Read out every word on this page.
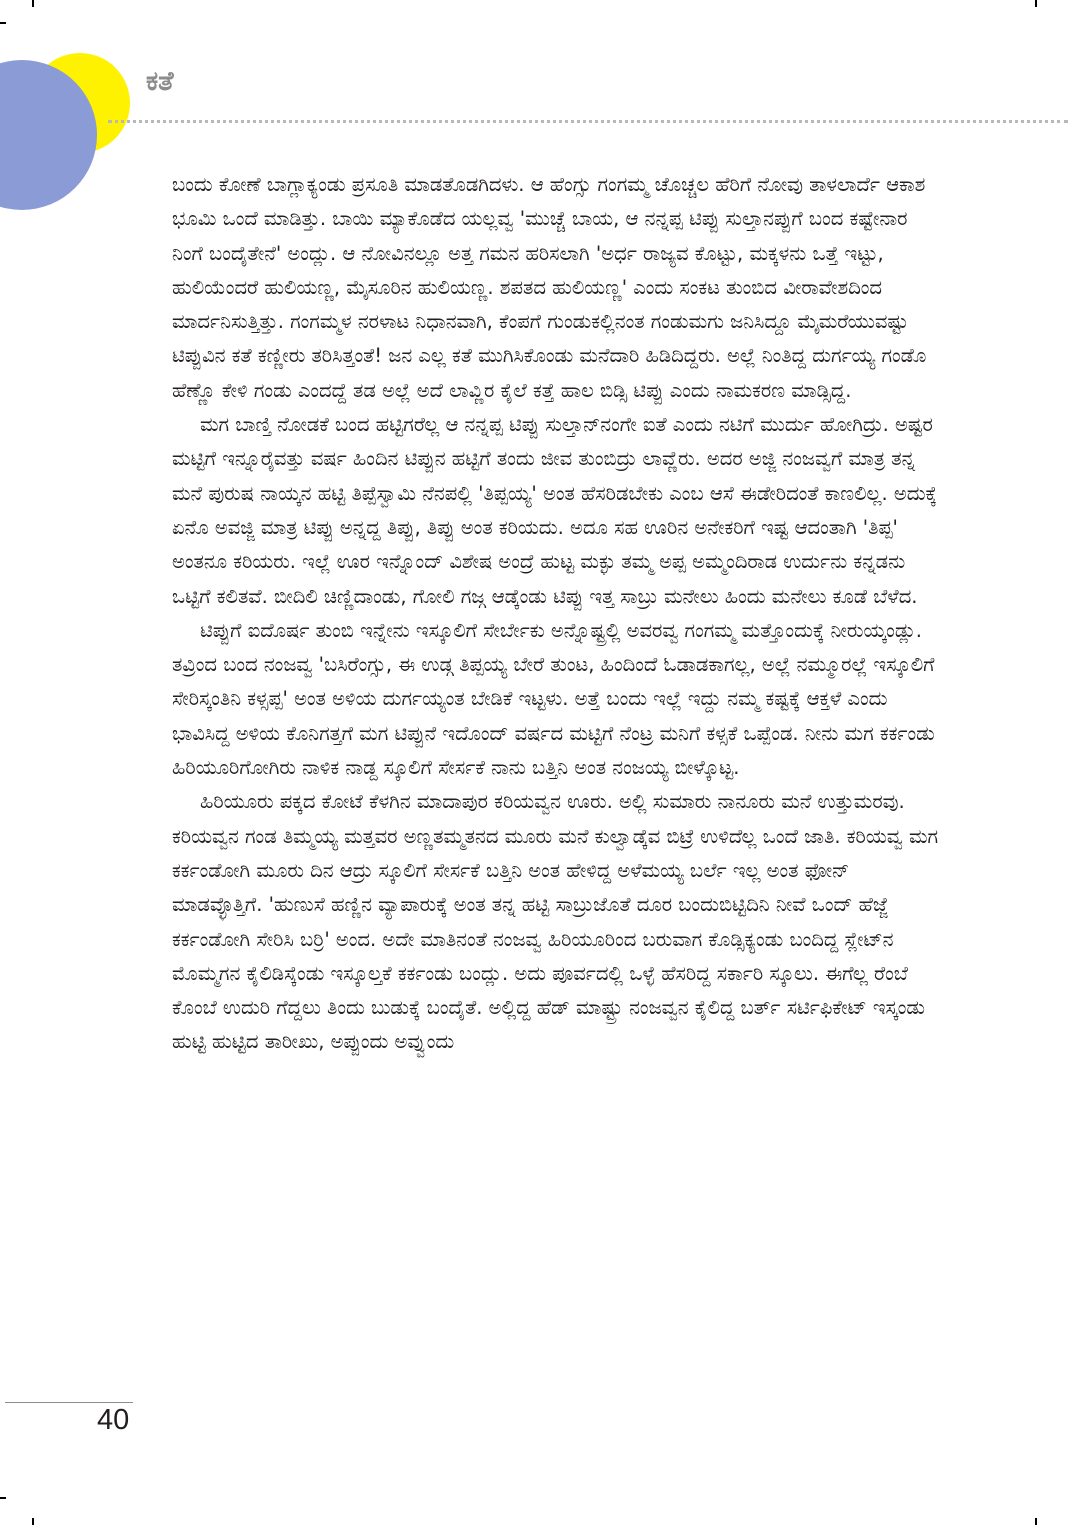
ಕತೆ

ಬಂದು ಕೋಣೆ ಬಾಗ್ಲಾಕ್ಯಂಡು ಪ್ರಸೂತಿ ಮಾಡತೊಡಗಿದಳು. ಆ ಹೆಂಗ್ಸು ಗಂಗಮ್ಮ ಚೊಚ್ಚಲ ಹೆರಿಗೆ ನೋವು ತಾಳಲಾರ್ದೆ ಆಕಾಶ ಭೂಮಿ ಒಂದೆ ಮಾಡಿತ್ತು. ಬಾಯಿ ಮ್ಯಾಕೊಡೆದ ಯಲ್ಲವ್ವ 'ಮುಚ್ಚೆ ಬಾಯ, ಆ ನನ್ನಪ್ಪ ಟಿಪ್ಪು ಸುಲ್ತಾನಪ್ಪುಗೆ ಬಂದ ಕಷ್ಟೇನಾರ ನಿಂಗೆ ಬಂದೈತೇನೆ' ಅಂದ್ಲು. ಆ ನೋವಿನಲ್ಲೂ ಅತ್ತ ಗಮನ ಹರಿಸಲಾಗಿ 'ಅರ್ಧ ರಾಜ್ಯವ ಕೊಟ್ಟು, ಮಕ್ಕಳನು ಒತ್ತೆ ಇಟ್ಟು, ಹುಲಿಯೆಂದರೆ ಹುಲಿಯಣ್ಣ, ಮೈಸೂರಿನ ಹುಲಿಯಣ್ಣ. ಶಪತದ ಹುಲಿಯಣ್ಣ' ಎಂದು ಸಂಕಟ ತುಂಬಿದ ವೀರಾವೇಶದಿಂದ ಮಾರ್ದನಿಸುತ್ತಿತ್ತು. ಗಂಗಮ್ಮಳ ನರಳಾಟ ನಿಧಾನವಾಗಿ, ಕೆಂಪಗೆ ಗುಂಡುಕಲ್ಲಿನಂತ ಗಂಡುಮಗು ಜನಿಸಿದ್ದೂ ಮೈಮರೆಯುವಷ್ಟು ಟಿಪ್ಪುವಿನ ಕತೆ ಕಣ್ಣೀರು ತರಿಸಿತ್ತಂತೆ! ಜನ ಎಲ್ಲ ಕತೆ ಮುಗಿಸಿಕೊಂಡು ಮನೆದಾರಿ ಹಿಡಿದಿದ್ದರು. ಅಲ್ಲೆ ನಿಂತಿದ್ದ ದುರ್ಗಯ್ಯ ಗಂಡೊ ಹೆಣ್ಣೊ ಕೇಳಿ ಗಂಡು ಎಂದದ್ದೆ ತಡ ಅಲ್ಲೆ ಅದೆ ಲಾವ್ಣಿರ ಕೈಲೆ ಕತ್ತೆ ಹಾಲ ಬಿಡ್ಸಿ ಟಿಪ್ಪು ಎಂದು ನಾಮಕರಣ ಮಾಡ್ಸಿದ್ದ.

ಮಗ ಬಾಣ್ತಿ ನೋಡಕೆ ಬಂದ ಹಟ್ಟಿಗರೆಲ್ಲ ಆ ನನ್ನಪ್ಪ ಟಿಪ್ಪು ಸುಲ್ತಾನ್‌ನಂಗೇ ಐತೆ ಎಂದು ನಟಿಗೆ ಮುರ್ದು ಹೋಗಿದ್ರು. ಅಷ್ಟರ ಮಟ್ಟಿಗೆ ಇನ್ನೂರೈವತ್ತು ವರ್ಷ ಹಿಂದಿನ ಟಿಪ್ಪುನ ಹಟ್ಟಿಗೆ ತಂದು ಜೀವ ತುಂಬಿದ್ರು ಲಾವ್ಣೆರು. ಅದರ ಅಜ್ಜಿ ನಂಜವ್ವಗೆ ಮಾತ್ರ ತನ್ನ ಮನೆ ಪುರುಷ ನಾಯ್ಕನ ಹಟ್ಟಿ ತಿಪ್ಪೆಸ್ವಾಮಿ ನೆನಪಲ್ಲಿ 'ತಿಪ್ಪಯ್ಯ' ಅಂತ ಹೆಸರಿಡಬೇಕು ಎಂಬ ಆಸೆ ಈಡೇರಿದಂತೆ ಕಾಣಲಿಲ್ಲ. ಅದುಕ್ಕೆ ಏನೊ ಅವಜ್ಜಿ ಮಾತ್ರ ಟಿಪ್ಪು ಅನ್ನದ್ದ ತಿಪ್ಪು, ತಿಪ್ಪು ಅಂತ ಕರಿಯದು. ಅದೂ ಸಹ ಊರಿನ ಅನೇಕರಿಗೆ ಇಷ್ಟ ಆದಂತಾಗಿ 'ತಿಪ್ಪ' ಅಂತನೂ ಕರಿಯರು. ಇಲ್ಲೆ ಊರ ಇನ್ನೊಂದ್ ವಿಶೇಷ ಅಂದ್ರೆ ಹುಟ್ಟ ಮಕ್ಳು ತಮ್ಮ ಅಪ್ಪ ಅಮ್ಮಂದಿರಾಡ ಉರ್ದುನು ಕನ್ನಡನು ಒಟ್ಟಿಗೆ ಕಲಿತವೆ. ಬೀದಿಲಿ ಚಿಣ್ಣಿದಾಂಡು, ಗೋಲಿ ಗಜ್ಗ ಆಡ್ಕೆಂಡು ಟಿಪ್ಪು ಇತ್ತ ಸಾಬ್ರು ಮನೇಲು ಹಿಂದು ಮನೇಲು ಕೂಡೆ ಬೆಳೆದ.

ಟಿಪ್ಪುಗೆ ಐದೊರ್ಷ ತುಂಬಿ ಇನ್ನೇನು ಇಸ್ಕೂಲಿಗೆ ಸೇರ್ಬೇಕು ಅನ್ನೊಷ್ಟ್ರಲ್ಲಿ ಅವರವ್ವ ಗಂಗಮ್ಮ ಮತ್ತೊಂದುಕ್ಕೆ ನೀರುಯ್ಕಂಡ್ಲು. ತವ್ರಿಂದ ಬಂದ ನಂಜವ್ವ 'ಬಸಿರೆಂಗ್ಸು, ಈ ಉಡ್ಗ ತಿಪ್ಪಯ್ಯ ಬೇರೆ ತುಂಟ, ಹಿಂದಿಂದೆ ಓಡಾಡಕಾಗಲ್ಲ, ಅಲ್ಲೆ ನಮ್ಮೂರಲ್ಲೆ ಇಸ್ಕೂಲಿಗೆ ಸೇರಿಸ್ಕಂತಿನಿ ಕಳ್ಸಪ್ಪ' ಅಂತ ಅಳಿಯ ದುರ್ಗಯ್ಯಂತ ಬೇಡಿಕೆ ಇಟ್ಟಳು. ಅತ್ತೆ ಬಂದು ಇಲ್ಲೆ ಇದ್ದು ನಮ್ಮ ಕಷ್ಟಕ್ಕೆ ಆಕ್ತಳೆ ಎಂದು ಭಾವಿಸಿದ್ದ ಅಳಿಯ ಕೊನಿಗತ್ತಗೆ ಮಗ ಟಿಪ್ಪುನೆ ಇದೊಂದ್ ವರ್ಷದ ಮಟ್ಟಿಗೆ ನೆಂಟ್ರ ಮನಿಗೆ ಕಳ್ಸಕೆ ಒಪ್ಪೆಂಡ. ನೀನು ಮಗ ಕರ್ಕಂಡು ಹಿರಿಯೂರಿಗೋಗಿರು ನಾಳಿಕ ನಾಡ್ದ ಸ್ಕೂಲಿಗೆ ಸೇರ್ಸಕೆ ನಾನು ಬತ್ತಿನಿ ಅಂತ ನಂಜಯ್ಯ ಬೀಳ್ಕೊಟ್ಟ.

ಹಿರಿಯೂರು ಪಕ್ಕದ ಕೋಟೆ ಕೆಳಗಿನ ಮಾದಾಪುರ ಕರಿಯವ್ವನ ಊರು. ಅಲ್ಲಿ ಸುಮಾರು ನಾನೂರು ಮನೆ ಉತ್ತುಮರವು. ಕರಿಯವ್ವನ ಗಂಡ ತಿಮ್ಮಯ್ಯ ಮತ್ತವರ ಅಣ್ಣತಮ್ಮತನದ ಮೂರು ಮನೆ ಕುಲ್ವಾಡ್ಕೆವ ಬಿಟ್ರೆ ಉಳಿದೆಲ್ಲ ಒಂದೆ ಜಾತಿ. ಕರಿಯವ್ವ ಮಗ ಕರ್ಕಂಡೋಗಿ ಮೂರು ದಿನ ಆದ್ರು ಸ್ಕೂಲಿಗೆ ಸೇರ್ಸಕೆ ಬತ್ತಿನಿ ಅಂತ ಹೇಳಿದ್ದ ಅಳೆಮಯ್ಯ ಬರ್ಲೆ ಇಲ್ಲ ಅಂತ ಫೋನ್ ಮಾಡವ್ಳೊತ್ತಿಗೆ. 'ಹುಣುಸೆ ಹಣ್ಣಿನ ವ್ಯಾಪಾರುಕ್ಕೆ ಅಂತ ತನ್ನ ಹಟ್ಟಿ ಸಾಬ್ರುಜೊತೆ ದೂರ ಬಂದುಬಿಟ್ಟಿದಿನಿ ನೀವೆ ಒಂದ್ ಹೆಜ್ಜೆ ಕರ್ಕಂಡೋಗಿ ಸೇರಿಸಿ ಬರ್ರಿ' ಅಂದ. ಅದೇ ಮಾತಿನಂತೆ ನಂಜವ್ವ ಹಿರಿಯೂರಿಂದ ಬರುವಾಗ ಕೊಡ್ಸಿಕ್ಯಂಡು ಬಂದಿದ್ದ ಸ್ಲೇಟ್‌ನ ಮೊಮ್ಮಗನ ಕೈಲಿಡಿಸ್ಕೆಂಡು ಇಸ್ಕೂಲ್ತಕೆ ಕರ್ಕಂಡು ಬಂದ್ಲು. ಅದು ಪೂರ್ವದಲ್ಲಿ ಒಳ್ಳೆ ಹೆಸರಿದ್ದ ಸರ್ಕಾರಿ ಸ್ಕೂಲು. ಈಗೆಲ್ಲ ರೆಂಬೆ ಕೊಂಬೆ ಉದುರಿ ಗೆದ್ದಲು ತಿಂದು ಬುಡುಕ್ಕೆ ಬಂದೈತೆ. ಅಲ್ಲಿದ್ದ ಹೆಡ್ ಮಾಷ್ಟ್ರು ನಂಜವ್ವನ ಕೈಲಿದ್ದ ಬರ್ತ್ ಸರ್ಟಿಫಿಕೇಟ್ ಇಸ್ಕಂಡು ಹುಟ್ಟಿ ಹುಟ್ಟಿದ ತಾರೀಖು, ಅಪ್ಪುಂದು ಅವ್ವುಂದು

40
